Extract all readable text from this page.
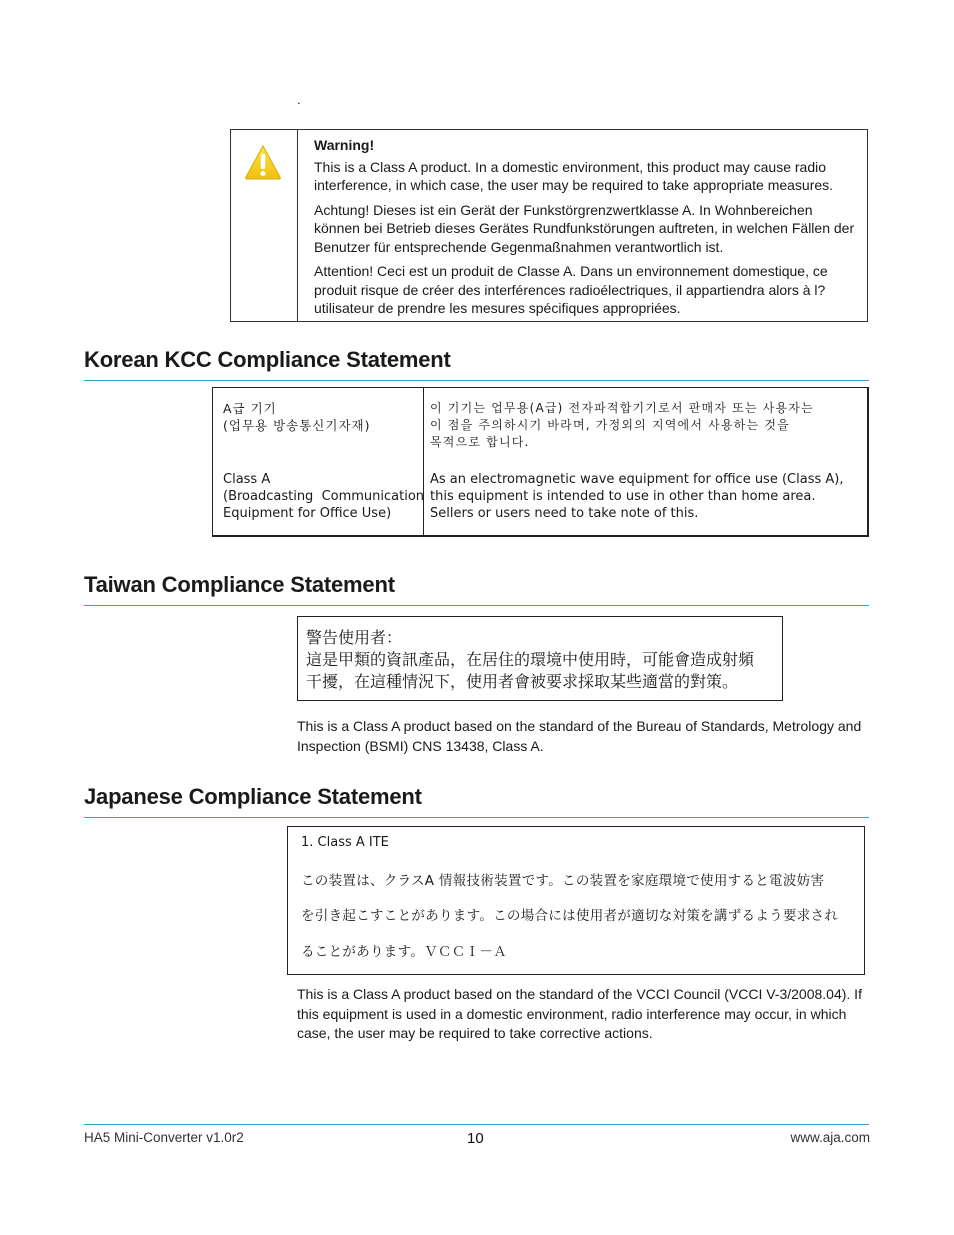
.

Warning!

This is a Class A product. In a domestic environment, this product may cause radio interference, in which case, the user may be required to take appropriate measures.

Achtung! Dieses ist ein Gerät der Funkstörgrenzwertklasse A. In Wohnbereichen können bei Betrieb dieses Gerätes Rundfunkstörungen auftreten, in welchen Fällen der Benutzer für entsprechende Gegenmaßnahmen verantwortlich ist.

Attention! Ceci est un produit de Classe A. Dans un environnement domestique, ce produit risque de créer des interférences radioélectriques, il appartiendra alors à l?utilisateur de prendre les mesures spécifiques appropriées.

Korean KCC Compliance Statement
A급 기기
(업무용 방송통신기자재)
Class A
(Broadcasting  Communication
Equipment for Office Use)
이 기기는 업무용(A급) 전자파적합기기로서 판매자 또는 사용자는
이 점을 주의하시기 바라며, 가정외의 지역에서 사용하는 것을
목적으로 합니다.
As an electromagnetic wave equipment for office use (Class A),
this equipment is intended to use in other than home area.
Sellers or users need to take note of this.
Taiwan Compliance Statement
警告使用者：
這是甲類的資訊產品，在居住的環境中使用時，可能會造成射頻
干擾，在這種情況下，使用者會被要求採取某些適當的對策。
This is a Class A product based on the standard of the Bureau of Standards, Metrology and Inspection (BSMI) CNS 13438, Class A.
Japanese Compliance Statement
1. Class A ITE
この装置は、クラスA 情報技術装置です。この装置を家庭環境で使用すると電波妨害
を引き起こすことがあります。この場合には使用者が適切な対策を講ずるよう要求され
ることがあります。ＶＣＣＩ－Ａ
This is a Class A product based on the standard of the VCCI Council (VCCI V-3/2008.04). If this equipment is used in a domestic environment, radio interference may occur, in which case, the user may be required to take corrective actions.
HA5 Mini-Converter v1.0r2	10	www.aja.com
